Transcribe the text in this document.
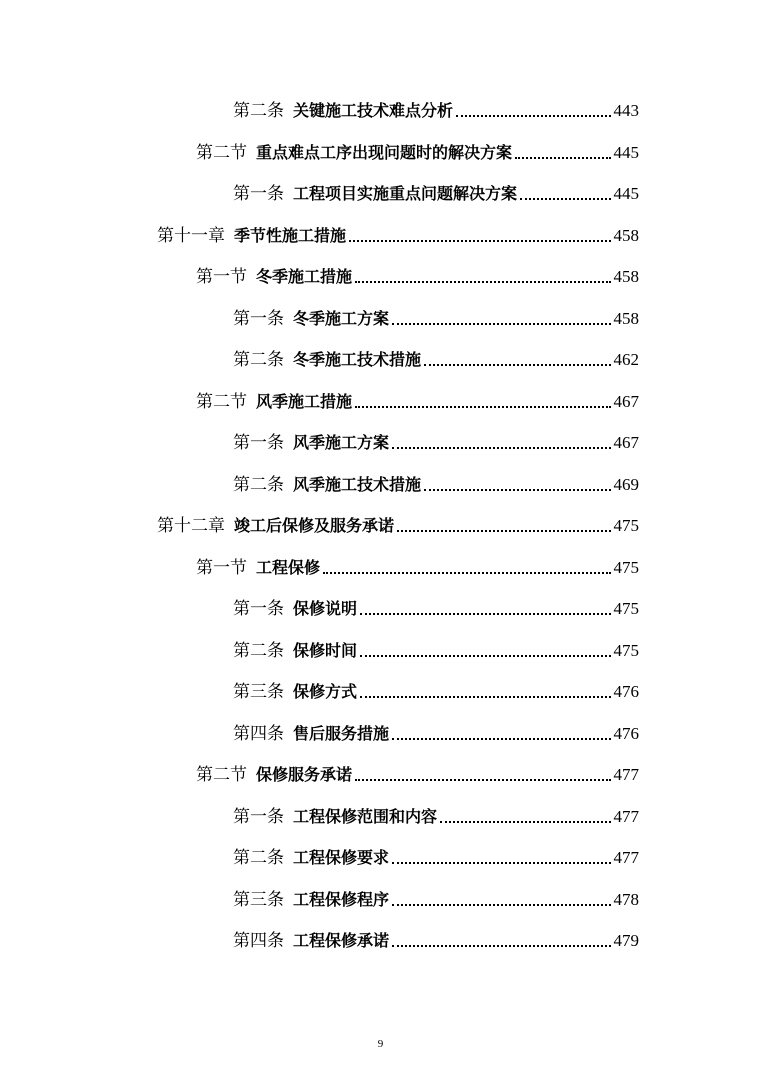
第二条 关键施工技术难点分析	443
第二节 重点难点工序出现问题时的解决方案	445
第一条 工程项目实施重点问题解决方案	445
第十一章 季节性施工措施	458
第一节 冬季施工措施	458
第一条 冬季施工方案	458
第二条 冬季施工技术措施	462
第二节 风季施工措施	467
第一条 风季施工方案	467
第二条 风季施工技术措施	469
第十二章 竣工后保修及服务承诺	475
第一节 工程保修	475
第一条 保修说明	475
第二条 保修时间	475
第三条 保修方式	476
第四条 售后服务措施	476
第二节 保修服务承诺	477
第一条 工程保修范围和内容	477
第二条 工程保修要求	477
第三条 工程保修程序	478
第四条 工程保修承诺	479
9
